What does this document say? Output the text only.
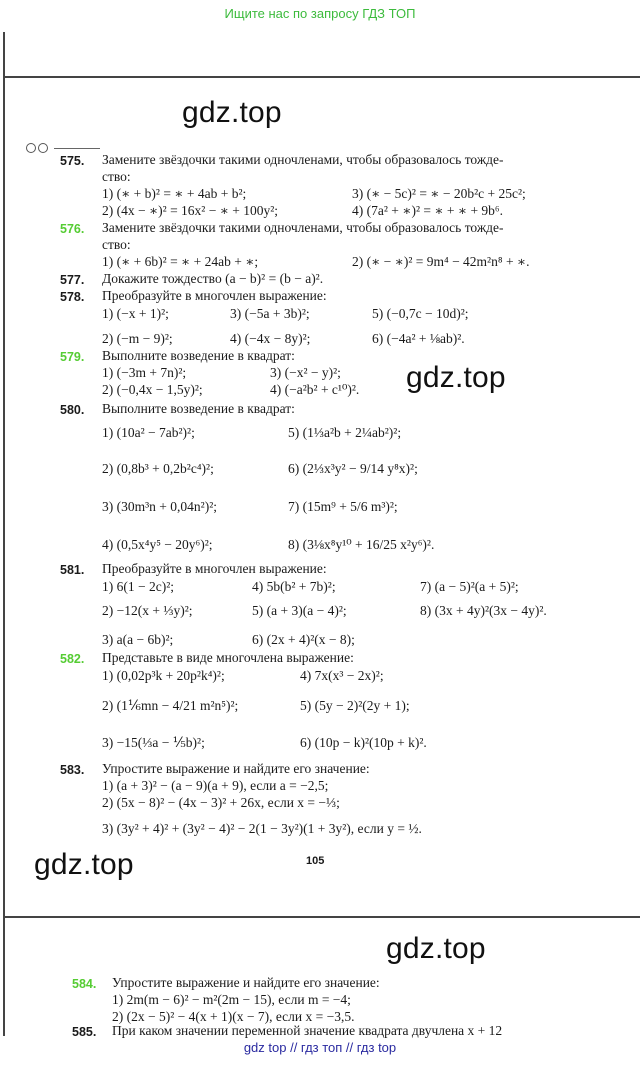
Ищите нас по запросу ГДЗ ТОП
gdz.top
gdz.top
gdz.top
gdz.top
575. Замените звёздочки такими одночленами, чтобы образовалось тожде-
ство:
1) (∗ + b)² = ∗ + 4ab + b²;	3) (∗ − 5c)² = ∗ − 20b²c + 25c²;
2) (4x − ∗)² = 16x² − ∗ + 100y²;	4) (7a² + ∗)² = ∗ + ∗ + 9b⁶.
576. Замените звёздочки такими одночленами, чтобы образовалось тожде-
ство:
1) (∗ + 6b)² = ∗ + 24ab + ∗;	2) (∗ − ∗)² = 9m⁴ − 42m²n⁸ + ∗.
577. Докажите тождество (a − b)² = (b − a)².
578. Преобразуйте в многочлен выражение:
1) (−x + 1)²;	3) (−5a + 3b)²;	5) (−0,7c − 10d)²;
2) (−m − 9)²;	4) (−4x − 8y)²;	6) (−4a² + ⅛ab)².
579. Выполните возведение в квадрат:
1) (−3m + 7n)²;	3) (−x² − y)²;
2) (−0,4x − 1,5y)²;	4) (−a²b² + c¹⁰)².
580. Выполните возведение в квадрат:
1) (10a² − 7ab²)²;	5) (1⅓a²b + 2¼ab²)²;
2) (0,8b³ + 0,2b²c⁴)²;	6) (2⅓x³y² − 9/14 y⁸x)²;
3) (30m³n + 0,04n²)²;	7) (15m⁹ + 5/6 m³)²;
4) (0,5x⁴y⁵ − 20y⁶)²;	8) (3⅛x⁸y¹⁰ + 16/25 x²y⁶)².
581. Преобразуйте в многочлен выражение:
1) 6(1 − 2c)²;	4) 5b(b² + 7b)²;	7) (a − 5)²(a + 5)²;
2) −12(x + ⅓y)²;	5) (a + 3)(a − 4)²;	8) (3x + 4y)²(3x − 4y)².
3) a(a − 6b)²;	6) (2x + 4)²(x − 8);
582. Представьте в виде многочлена выражение:
1) (0,02p³k + 20p²k⁴)²;	4) 7x(x³ − 2x)²;
2) (1⅙mn − 4/21 m²n⁵)²;	5) (5y − 2)²(2y + 1);
3) −15(⅓a − ⅕b)²;	6) (10p − k)²(10p + k)².
583. Упростите выражение и найдите его значение:
1) (a + 3)² − (a − 9)(a + 9), если a = −2,5;
2) (5x − 8)² − (4x − 3)² + 26x, если x = −⅓;
3) (3y² + 4)² + (3y² − 4)² − 2(1 − 3y²)(1 + 3y²), если y = ½.
105
584. Упростите выражение и найдите его значение:
1) 2m(m − 6)² − m²(2m − 15), если m = −4;
2) (2x − 5)² − 4(x + 1)(x − 7), если x = −3,5.
585. При каком значении переменной значение квадрата двучлена x + 12
gdz top // гдз топ // гдз top
